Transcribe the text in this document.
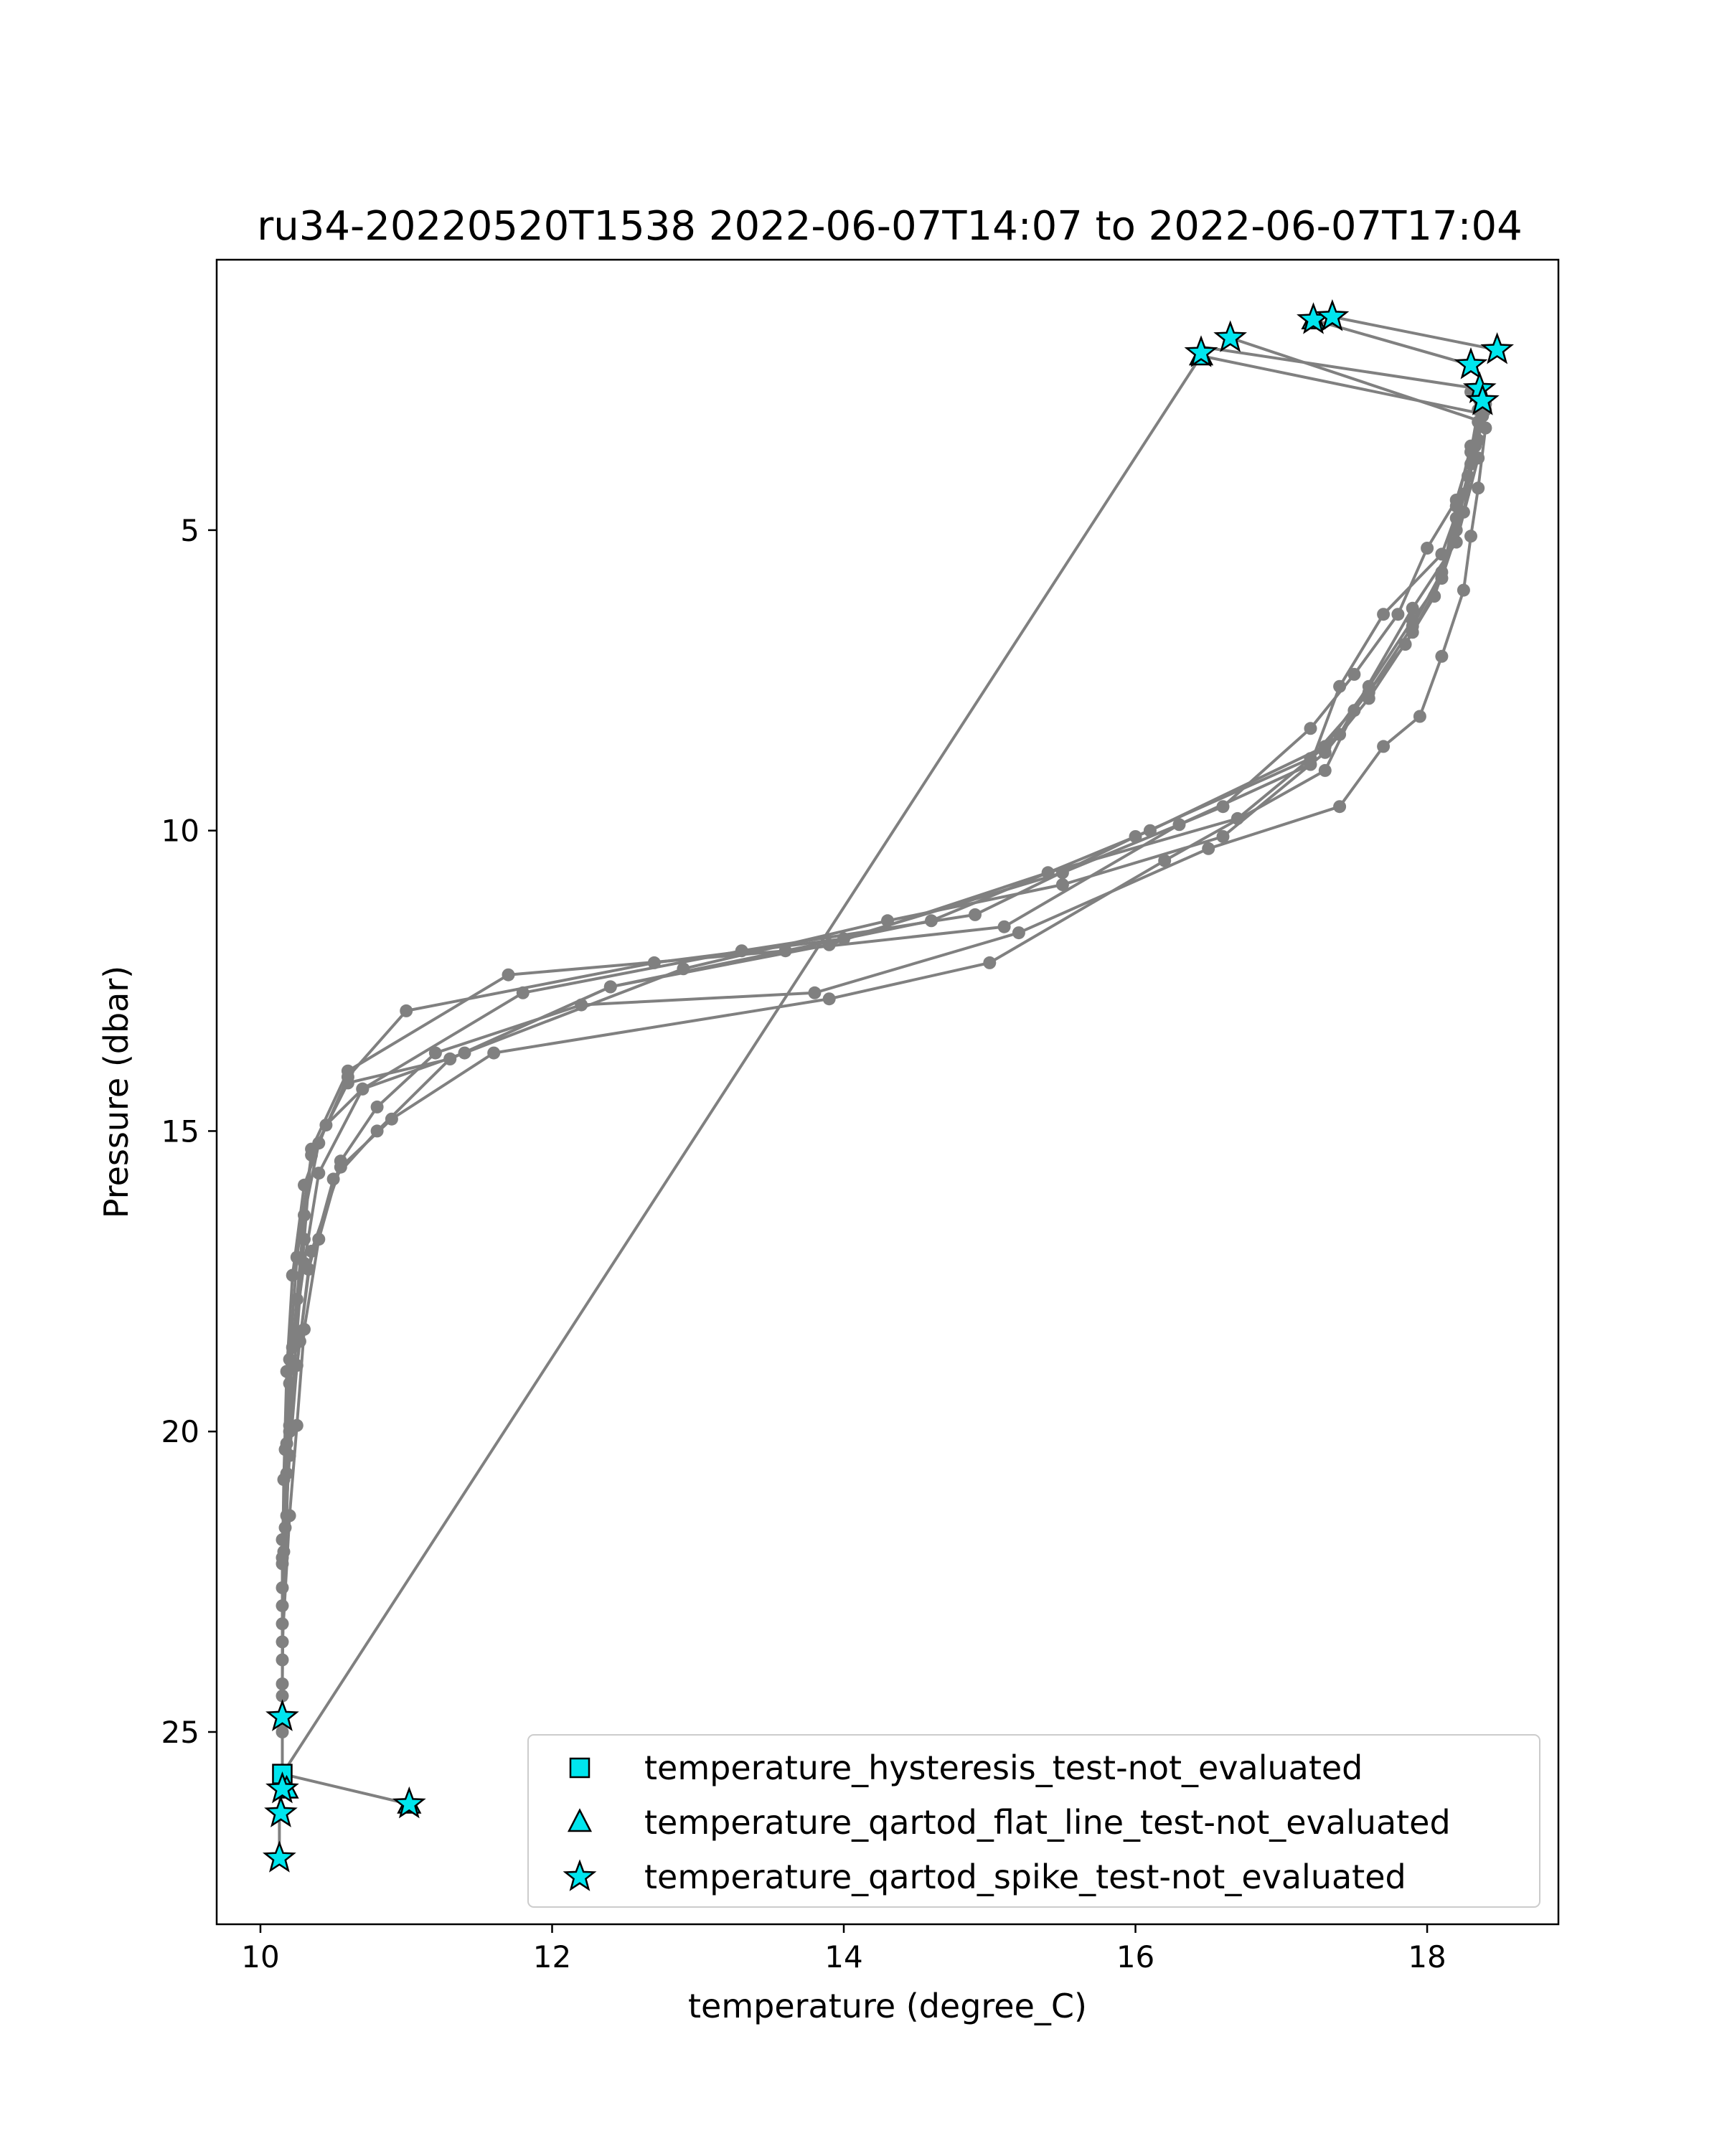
ru34-20220520T1538 2022-06-07T14:07 to 2022-06-07T17:04
10	12	14	16	18
5
10
15
20
25
temperature (degree_C)
Pressure (dbar)
temperature_hysteresis_test-not_evaluated
temperature_qartod_flat_line_test-not_evaluated
temperature_qartod_spike_test-not_evaluated
